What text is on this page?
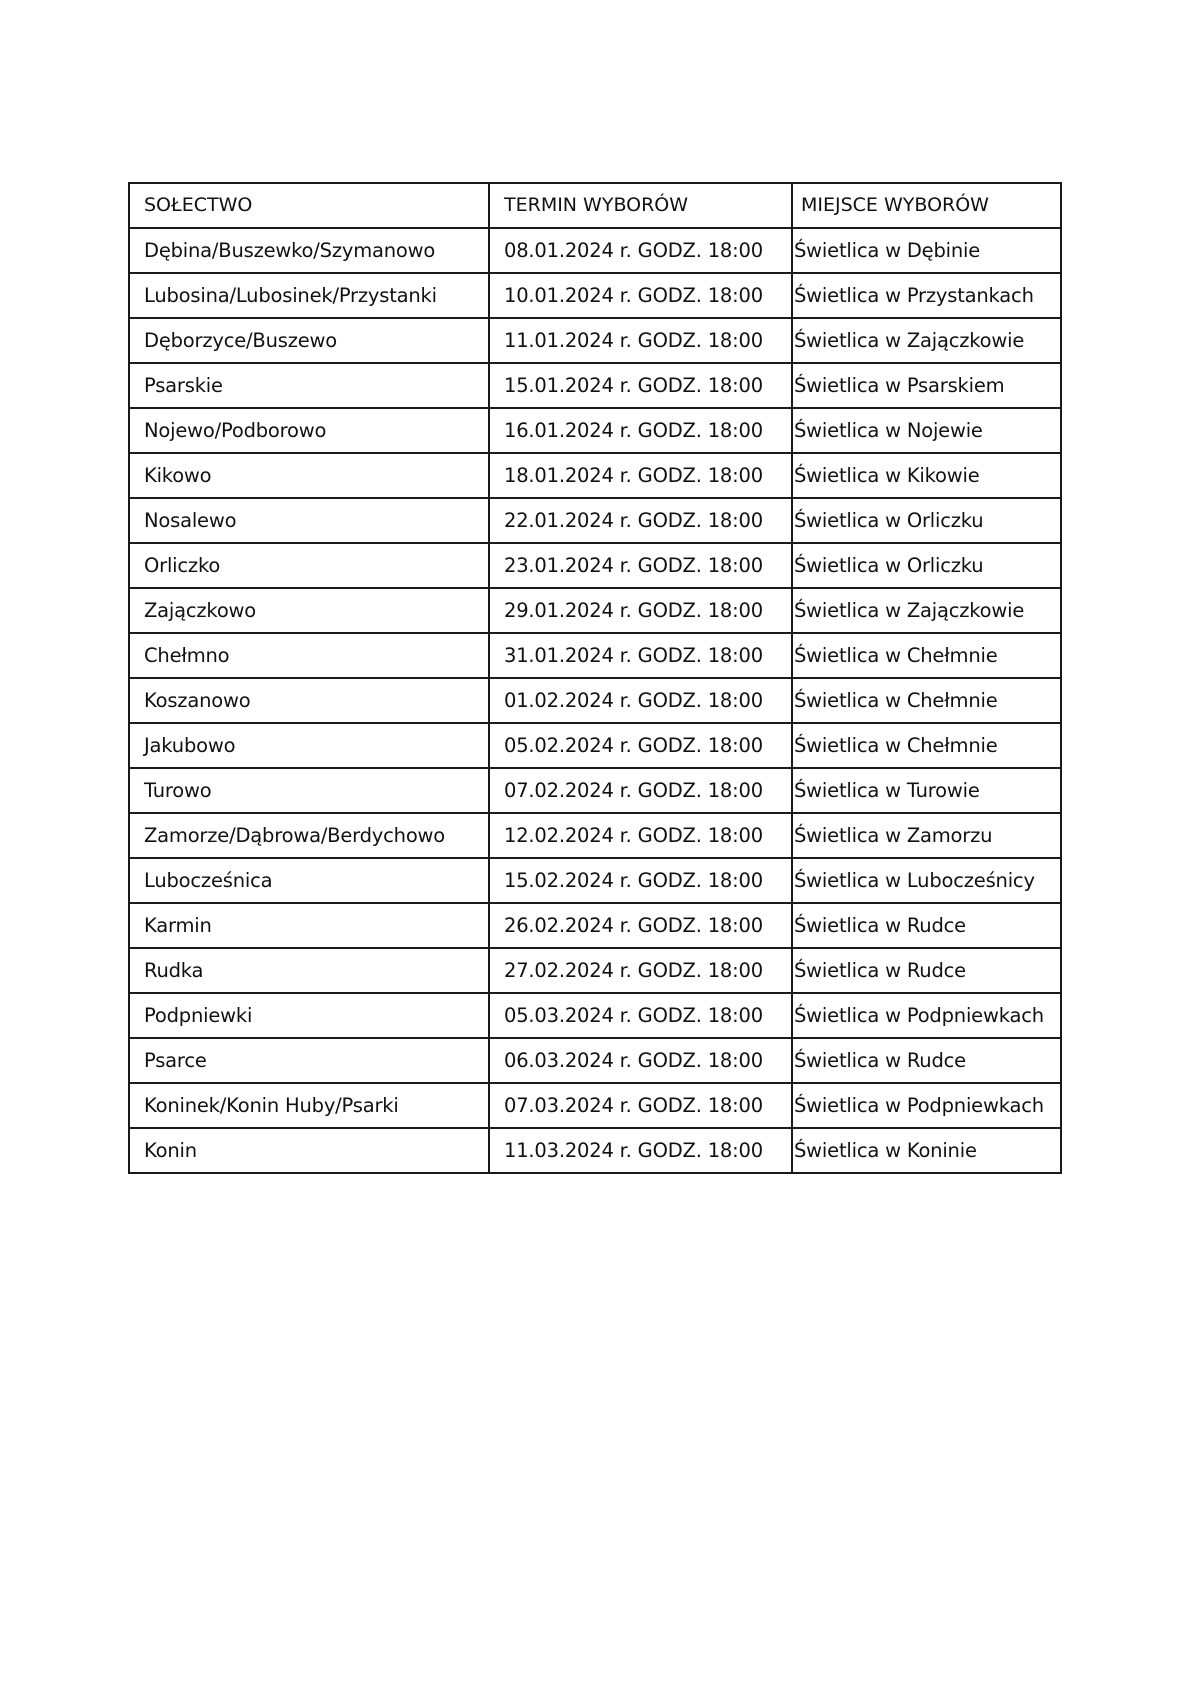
SOŁECTWO	TERMIN WYBORÓW	MIEJSCE WYBORÓW
Dębina/Buszewko/Szymanowo	08.01.2024 r. GODZ. 18:00	Świetlica w Dębinie
Lubosina/Lubosinek/Przystanki	10.01.2024 r. GODZ. 18:00	Świetlica w Przystankach
Dęborzyce/Buszewo	11.01.2024 r. GODZ. 18:00	Świetlica w Zajączkowie
Psarskie	15.01.2024 r. GODZ. 18:00	Świetlica w Psarskiem
Nojewo/Podborowo	16.01.2024 r. GODZ. 18:00	Świetlica w Nojewie
Kikowo	18.01.2024 r. GODZ. 18:00	Świetlica w Kikowie
Nosalewo	22.01.2024 r. GODZ. 18:00	Świetlica w Orliczku
Orliczko	23.01.2024 r. GODZ. 18:00	Świetlica w Orliczku
Zajączkowo	29.01.2024 r. GODZ. 18:00	Świetlica w Zajączkowie
Chełmno	31.01.2024 r. GODZ. 18:00	Świetlica w Chełmnie
Koszanowo	01.02.2024 r. GODZ. 18:00	Świetlica w Chełmnie
Jakubowo	05.02.2024 r. GODZ. 18:00	Świetlica w Chełmnie
Turowo	07.02.2024 r. GODZ. 18:00	Świetlica w Turowie
Zamorze/Dąbrowa/Berdychowo	12.02.2024 r. GODZ. 18:00	Świetlica w Zamorzu
Lubocześnica	15.02.2024 r. GODZ. 18:00	Świetlica w Lubocześnicy
Karmin	26.02.2024 r. GODZ. 18:00	Świetlica w Rudce
Rudka	27.02.2024 r. GODZ. 18:00	Świetlica w Rudce
Podpniewki	05.03.2024 r. GODZ. 18:00	Świetlica w Podpniewkach
Psarce	06.03.2024 r. GODZ. 18:00	Świetlica w Rudce
Koninek/Konin Huby/Psarki	07.03.2024 r. GODZ. 18:00	Świetlica w Podpniewkach
Konin	11.03.2024 r. GODZ. 18:00	Świetlica w Koninie
